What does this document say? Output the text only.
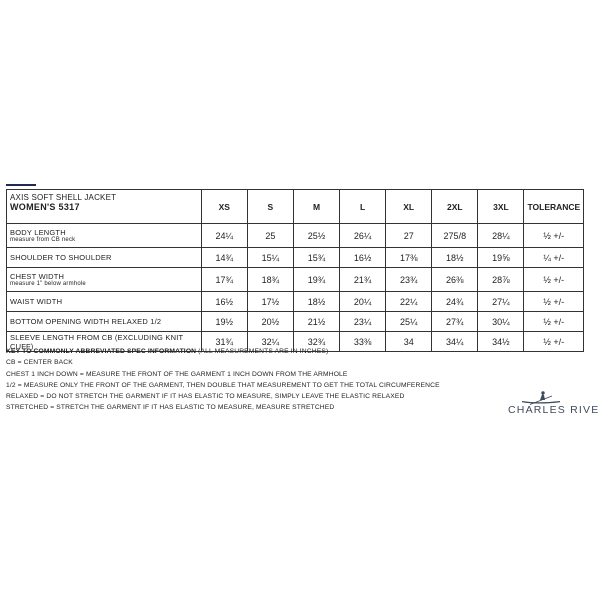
AXIS SOFT SHELL JACKET
WOMEN'S 5317	XS	S	M	L	XL	2XL	3XL	TOLERANCE
BODY LENGTH
measure from CB neck	24¼	25	25½	26¼	27	275/8	28¼	½ +/-
SHOULDER TO SHOULDER	14¾	15¼	15¾	16½	17⅜	18½	19⅝	¼ +/-
CHEST WIDTH
measure 1" below armhole	17¾	18¾	19¾	21¾	23¾	26⅜	28⅞	½ +/-
WAIST WIDTH	16½	17½	18½	20¼	22¼	24¾	27¼	½ +/-
BOTTOM OPENING WIDTH RELAXED 1/2	19½	20½	21½	23¼	25¼	27¾	30¼	½ +/-
SLEEVE LENGTH FROM CB (EXCLUDING KNIT CUFF)	31¾	32¼	32¾	33⅜	34	34¼	34½	½ +/-
KEY TO COMMONLY ABBREVIATED SPEC INFORMATION (ALL MEASUREMENTS ARE IN INCHES)
CB = CENTER BACK
CHEST 1 INCH DOWN = MEASURE THE FRONT OF THE GARMENT 1 INCH DOWN FROM THE ARMHOLE
1/2 = MEASURE ONLY THE FRONT OF THE GARMENT, THEN DOUBLE THAT MEASUREMENT TO GET THE TOTAL CIRCUMFERENCE
RELAXED = DO NOT STRETCH THE GARMENT IF IT HAS ELASTIC TO MEASURE, SIMPLY LEAVE THE ELASTIC RELAXED
STRETCHED = STRETCH THE GARMENT IF IT HAS ELASTIC TO MEASURE, MEASURE STRETCHED	CHARLES RIVE
